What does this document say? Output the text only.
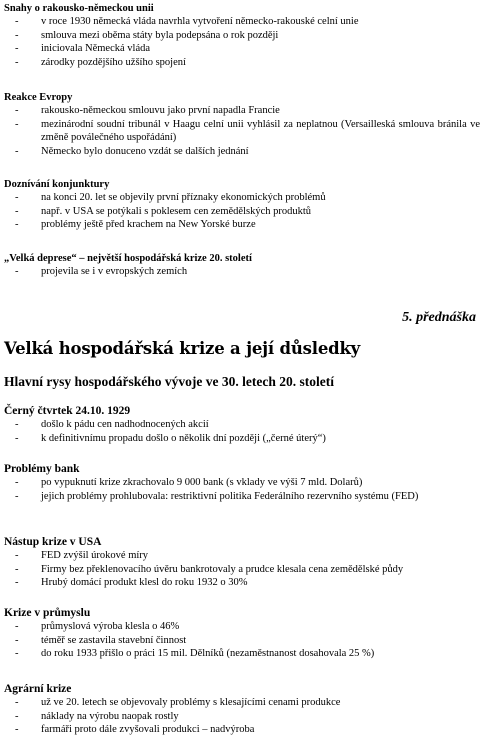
Snahy o rakousko-německou unii

- v roce 1930 německá vláda navrhla vytvoření německo-rakouské celní unie
- smlouva mezi oběma státy byla podepsána o rok později
- iniciovala Německá vláda
- zárodky pozdějšího užšího spojení

Reakce Evropy

- rakousko-německou smlouvu jako první napadla Francie
- mezinárodní soudní tribunál v Haagu celní unii vyhlásil za neplatnou (Versailleská smlouva bránila ve změně poválečného uspořádání)
- Německo bylo donuceno vzdát se dalších jednání

Doznívání konjunktury

- na konci 20. let se objevily první příznaky ekonomických problémů
- např. v USA se potýkali s poklesem cen zemědělských produktů
- problémy ještě před krachem na New Yorské burze

„Velká deprese“ – největší hospodářská krize 20. století

- projevila se i v evropských zemích
5. přednáška
Velká hospodářská krize a její důsledky
Hlavní rysy hospodářského vývoje ve 30. letech 20. století

Černý čtvrtek 24.10. 1929

- došlo k pádu cen nadhodnocených akcií
- k definitivnímu propadu došlo o několik dní později („černé úterý“)

Problémy bank

- po vypuknutí krize zkrachovalo 9 000 bank (s vklady ve výši 7 mld. Dolarů)
- jejich problémy prohlubovala: restriktivní politika Federálního rezervního systému (FED)

Nástup krize v USA

- FED zvýšil úrokové míry
- Firmy bez překlenovacího úvěru bankrotovaly a prudce klesala cena zemědělské půdy
- Hrubý domácí produkt klesl do roku 1932 o 30%

Krize v průmyslu

- průmyslová výroba klesla o 46%
- téměř se zastavila stavební činnost
- do roku 1933 přišlo o práci 15 mil. Dělníků (nezaměstnanost dosahovala 25 %)

Agrární krize

- už ve 20. letech se objevovaly problémy s klesajícími cenami produkce
- náklady na výrobu naopak rostly
- farmáři proto dále zvyšovali produkci – nadvýroba
